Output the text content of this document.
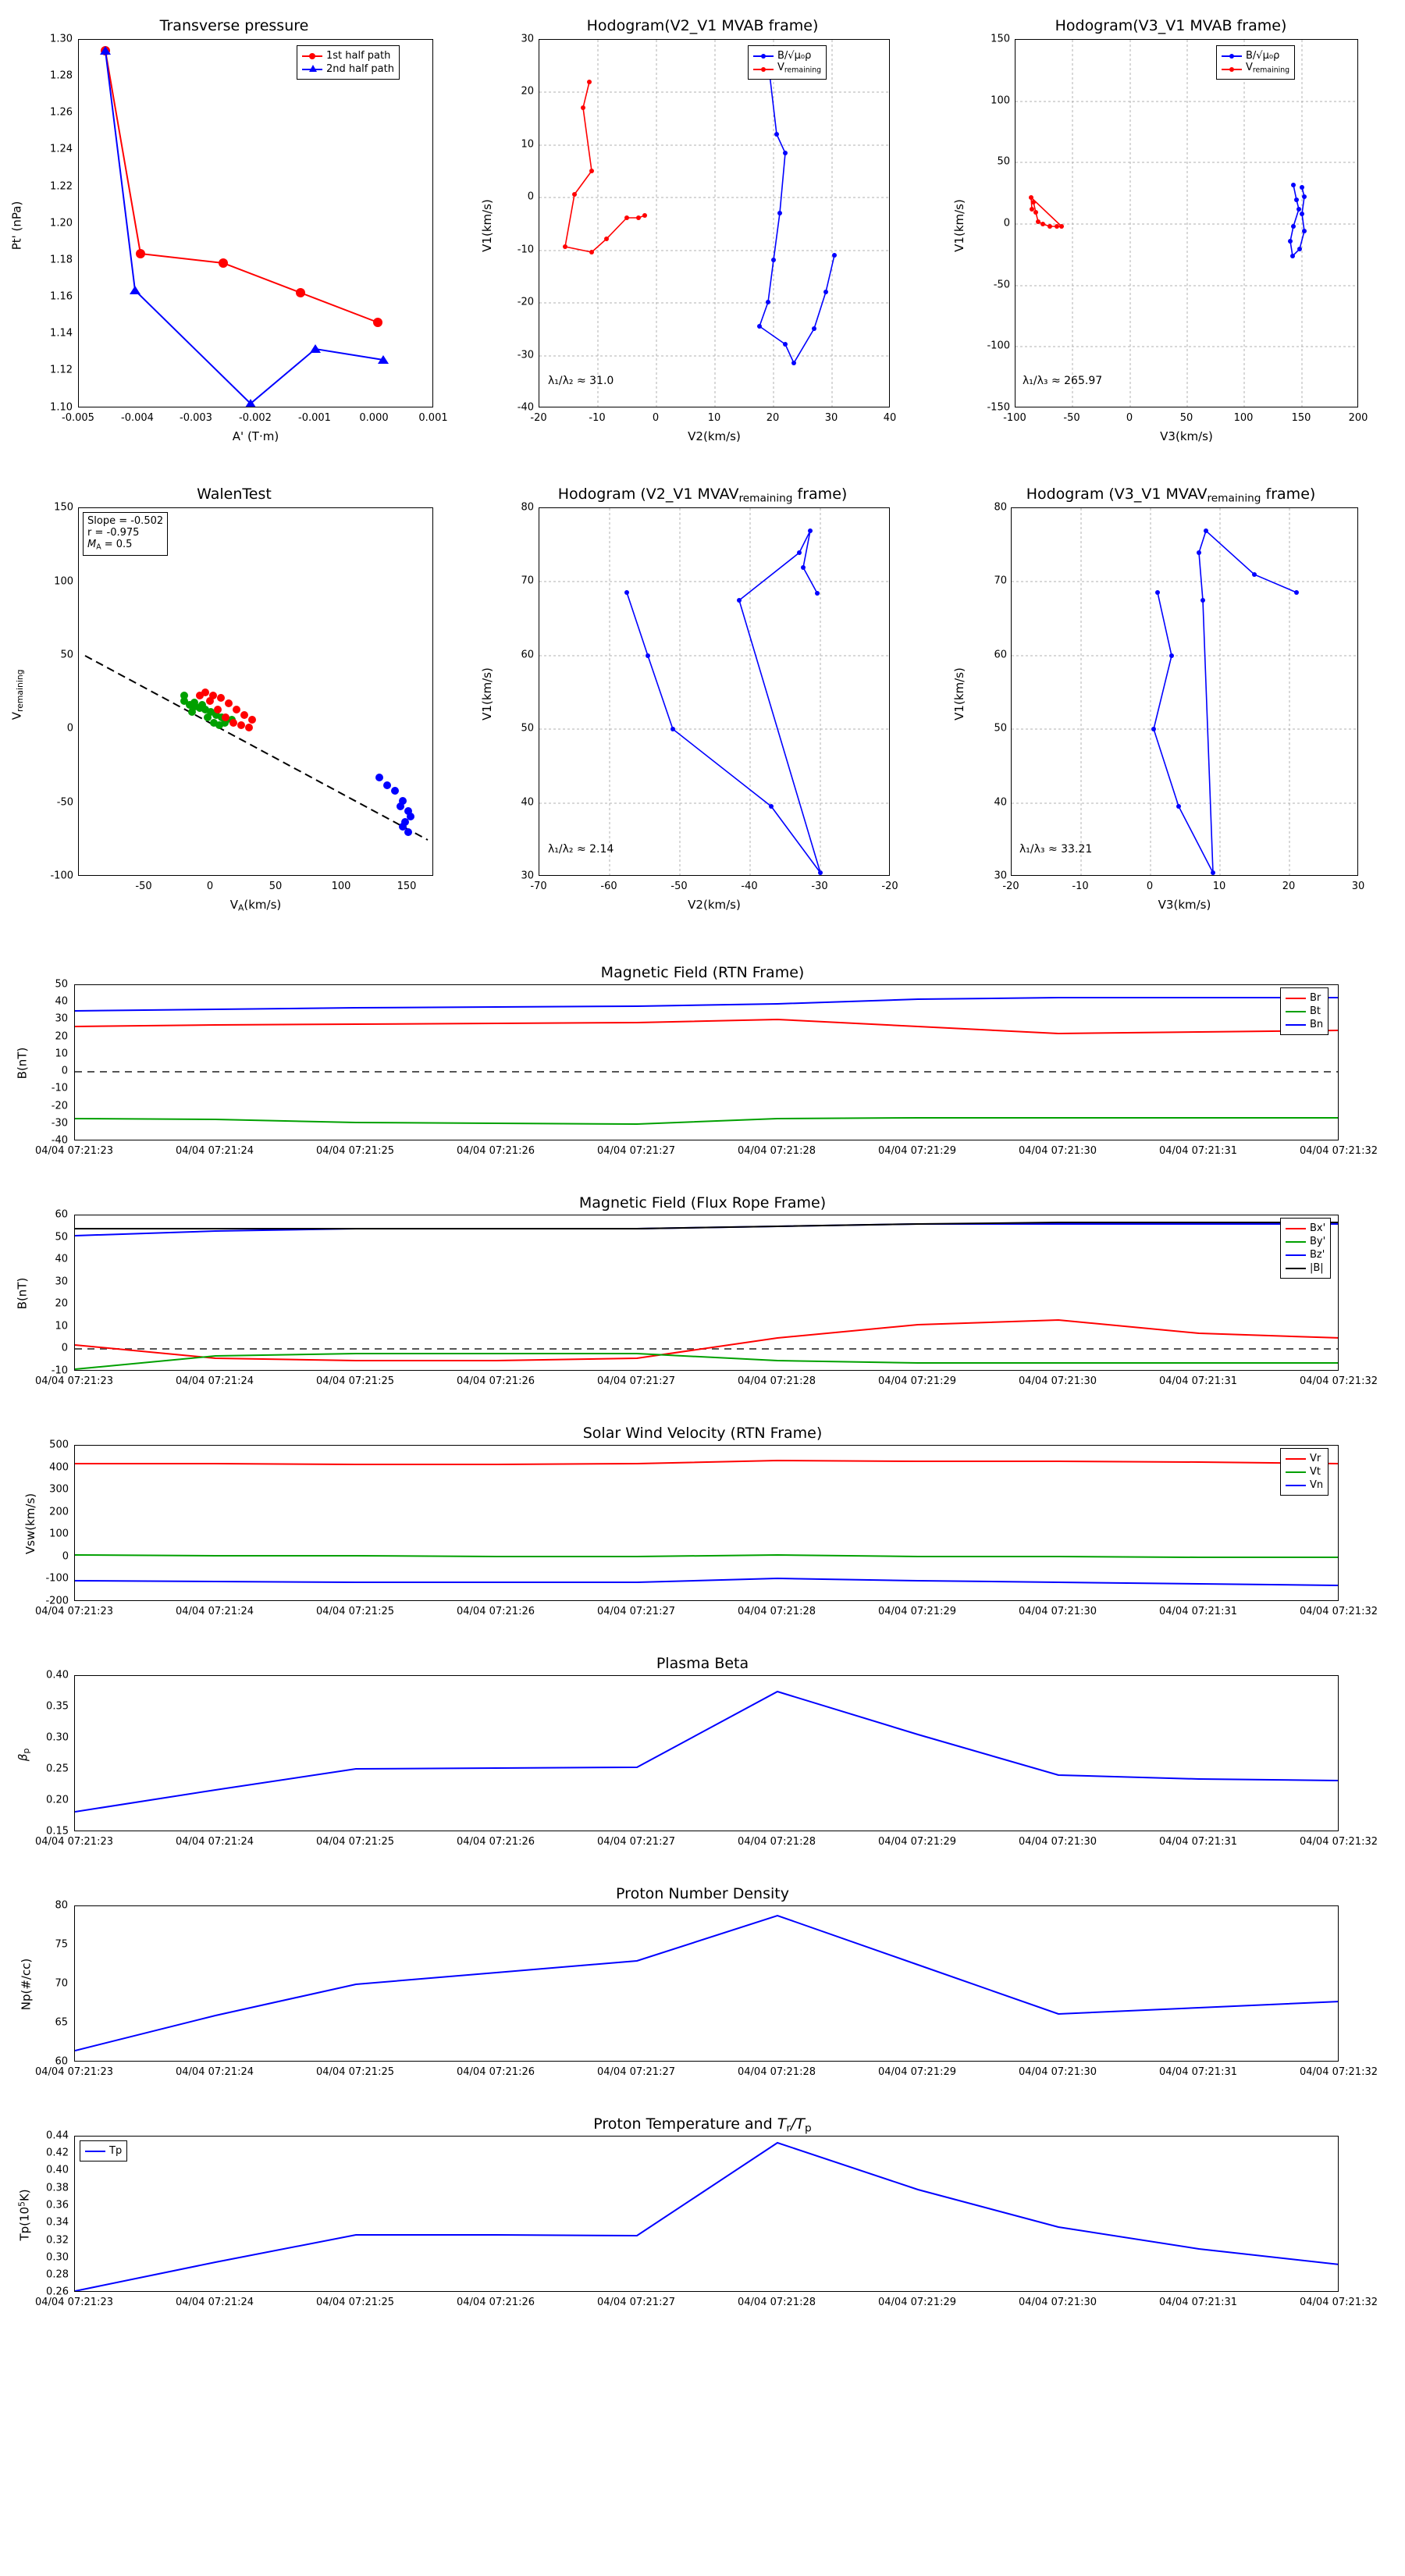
Transverse pressure
1st half path
2nd half path
1.10
1.12
1.14
1.16
1.18
1.20
1.22
1.24
1.26
1.28
1.30
-0.005	-0.004	-0.003	-0.002	-0.001	0.000	0.001
A' (T·m)
Pt' (nPa)
Hodogram(V2_V1 MVAB frame)
B/√μ₀ρ
$V_{remaining}$
λ₁/λ₂ ≈ 31.0
-40
-30
-20
-10
0
10
20
30
-20	-10	0	10	20	30	40
V2(km/s)
V1(km/s)
Hodogram(V3_V1 MVAB frame)
B/√μ₀ρ
$V_{remaining}$
λ₁/λ₃ ≈ 265.97
-150
-100
-50
0
50
100
150
-100	-50	0	50	100	150	200
V3(km/s)
V1(km/s)
WalenTest
Slope = -0.502
r = -0.975
$M_A = 0.5$
-100
-50
0
50
100
150
-50	0	50	100	150
$V_A(km/s)$
$V_{remaining}$
Hodogram (V2_V1 $MVAV_{remaining}$ frame)
λ₁/λ₂ ≈ 2.14
30
40
50
60
70
80
-70	-60	-50	-40	-30	-20
V2(km/s)
V1(km/s)
Hodogram (V3_V1 $MVAV_{remaining}$ frame)
λ₁/λ₃ ≈ 33.21
30
40
50
60
70
80
-20	-10	0	10	20	30
V3(km/s)
V1(km/s)
Magnetic Field (RTN Frame)
Br
Bt
Bn
B(nT)
-40
-30
-20
-10
0
10
20
30
40
50
04/04 07:21:23	04/04 07:21:24	04/04 07:21:25	04/04 07:21:26	04/04 07:21:27	04/04 07:21:28	04/04 07:21:29	04/04 07:21:30	04/04 07:21:31	04/04 07:21:32
Magnetic Field (Flux Rope Frame)
Bx'
By'
Bz'
|B|
B(nT)
-10
0
10
20
30
40
50
60
04/04 07:21:23	04/04 07:21:24	04/04 07:21:25	04/04 07:21:26	04/04 07:21:27	04/04 07:21:28	04/04 07:21:29	04/04 07:21:30	04/04 07:21:31	04/04 07:21:32
Solar Wind Velocity (RTN Frame)
Vr
Vt
Vn
Vsw(km/s)
-200
-100
0
100
200
300
400
500
04/04 07:21:23	04/04 07:21:24	04/04 07:21:25	04/04 07:21:26	04/04 07:21:27	04/04 07:21:28	04/04 07:21:29	04/04 07:21:30	04/04 07:21:31	04/04 07:21:32
Plasma Beta
$\beta_p$
0.15
0.20
0.25
0.30
0.35
0.40
04/04 07:21:23	04/04 07:21:24	04/04 07:21:25	04/04 07:21:26	04/04 07:21:27	04/04 07:21:28	04/04 07:21:29	04/04 07:21:30	04/04 07:21:31	04/04 07:21:32
Proton Number Density
Np(#/cc)
60
65
70
75
80
04/04 07:21:23	04/04 07:21:24	04/04 07:21:25	04/04 07:21:26	04/04 07:21:27	04/04 07:21:28	04/04 07:21:29	04/04 07:21:30	04/04 07:21:31	04/04 07:21:32
Proton Temperature and $T_r/T_p$
Tp
$Tp(10^5K)$
0.26
0.28
0.30
0.32
0.34
0.36
0.38
0.40
0.42
0.44
04/04 07:21:23	04/04 07:21:24	04/04 07:21:25	04/04 07:21:26	04/04 07:21:27	04/04 07:21:28	04/04 07:21:29	04/04 07:21:30	04/04 07:21:31	04/04 07:21:32
